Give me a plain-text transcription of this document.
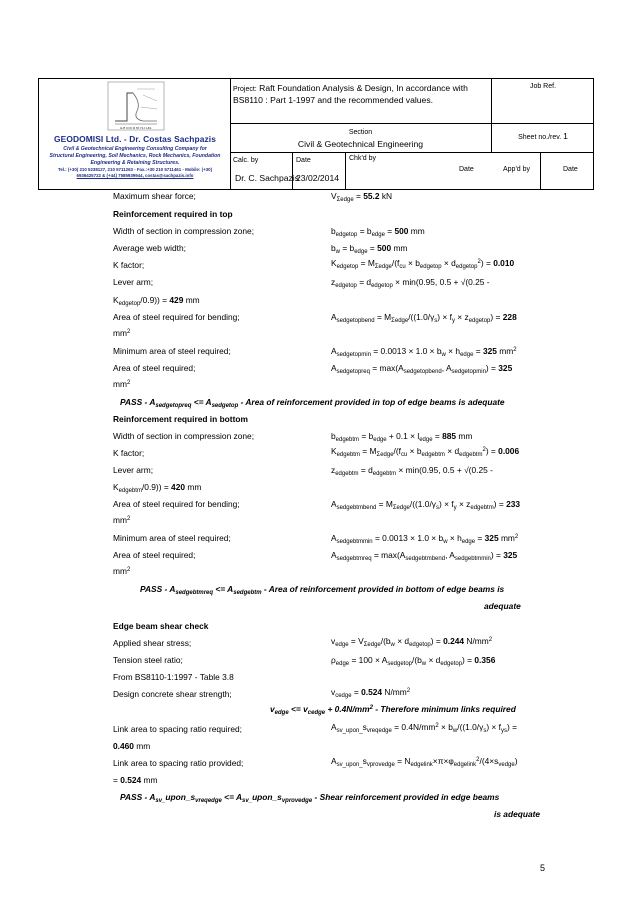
G E O D O M I S I Ltd.
GEODOMISI Ltd. - Dr. Costas Sachpazis
Civil & Geotechnical Engineering Consulting Company for
Structural Engineering, Soil Mechanics, Rock Mechanics, Foundation
Engineering & Retaining Structures.
Tel.: (+30) 210 5238127, 210 5711263 - Fax.:+30 210 5711461 - Mobile: (+30)
6936425722 & (+44) 7585939944, costas@sachpazis.info
Project: Raft Foundation Analysis & Design, In accordance with BS8110 : Part 1-1997 and the recommended values.
Job Ref.
Section
Civil & Geotechnical Engineering
Sheet no./rev. 1
Calc. by
Dr. C. Sachpazis
Date
23/02/2014
Chk'd by
Date	App'd by	Date
Maximum shear force;	$V_{\Sigma edge} = 55.2$ kN
Reinforcement required in top
Width of section in compression zone;	$b_{edgetop} = b_{edge} = 500$ mm
Average web width;	$b_w = b_{edge} = 500$ mm
K factor;	$K_{edgetop} = M_{\Sigma edge}/(f_{cu} \times b_{edgetop} \times d_{edgetop}^2) = 0.010$
Lever arm;	$z_{edgetop} = d_{edgetop} \times \min(0.95$, 0.5 + √(0.25 -
$K_{edgetop}/0.9)) = 429$ mm
Area of steel required for bending;	$A_{sedgetopbend} = M_{\Sigma edge}/((1.0/\gamma_s) \times f_y \times z_{edgetop}) = 228$
$mm^2$
Minimum area of steel required;	$A_{sedgetopmin} = 0.0013 \times 1.0 \times b_w \times h_{edge} = 325$ $mm^2$
Area of steel required;	$A_{sedgetopreq} = \max(A_{sedgetopbend}$, $A_{sedgetopmin}) = 325$
$mm^2$
PASS - $A_{sedgetopreq} <= A_{sedgetop}$ - Area of reinforcement provided in top of edge beams is adequate
Reinforcement required in bottom
Width of section in compression zone;	$b_{edgebtm} = b_{edge} + 0.1 \times l_{edge} = 885$ mm
K factor;	$K_{edgebtm} = M_{\Sigma edge}/(f_{cu} \times b_{edgebtm} \times d_{edgebtm}^2) = 0.006$
Lever arm;	$z_{edgebtm} = d_{edgebtm} \times \min(0.95$, 0.5 + √(0.25 -
$K_{edgebtm}/0.9)) = 420$ mm
Area of steel required for bending;	$A_{sedgebtmbend} = M_{\Sigma edge}/((1.0/\gamma_s) \times f_y \times z_{edgebtm}) = 233$
$mm^2$
Minimum area of steel required;	$A_{sedgebtmmin} = 0.0013 \times 1.0 \times b_w \times h_{edge} = 325$ $mm^2$
Area of steel required;	$A_{sedgebtmreq} = \max(A_{sedgebtmbend}$, $A_{sedgebtmmin}) = 325$
$mm^2$
PASS - $A_{sedgebtmreq} <= A_{sedgebtm}$ - Area of reinforcement provided in bottom of edge beams is
adequate
Edge beam shear check
Applied shear stress;	$v_{edge} = V_{\Sigma edge}/(b_w \times d_{edgetop}) = 0.244$ $N/mm^2$
Tension steel ratio;	$\rho_{edge} = 100 \times A_{sedgetop}/(b_w \times d_{edgetop}) = 0.356$
From BS8110-1:1997 - Table 3.8
Design concrete shear strength;	$v_{cedge} = 0.524$ $N/mm^2$
$v_{edge} <= v_{cedge} + 0.4N/mm^2$ - Therefore minimum links required
Link area to spacing ratio required;	$A_{sv\_upon\_}s_{vreqedge} = 0.4N/mm^2 \times b_w/((1.0/\gamma_s) \times f_{ys})$ =
0.460 mm
Link area to spacing ratio provided;	$A_{sv\_upon\_}s_{vprovedge} = N_{edgelink}\times\pi\times\varphi_{edgelink}^2/(4\times s_{vedge})$
= 0.524 mm
PASS - $A_{sv\_}upon\_s_{vreqedge}$ <= $A_{sv\_}upon\_s_{vprovedge}$ - Shear reinforcement provided in edge beams
is adequate
5
